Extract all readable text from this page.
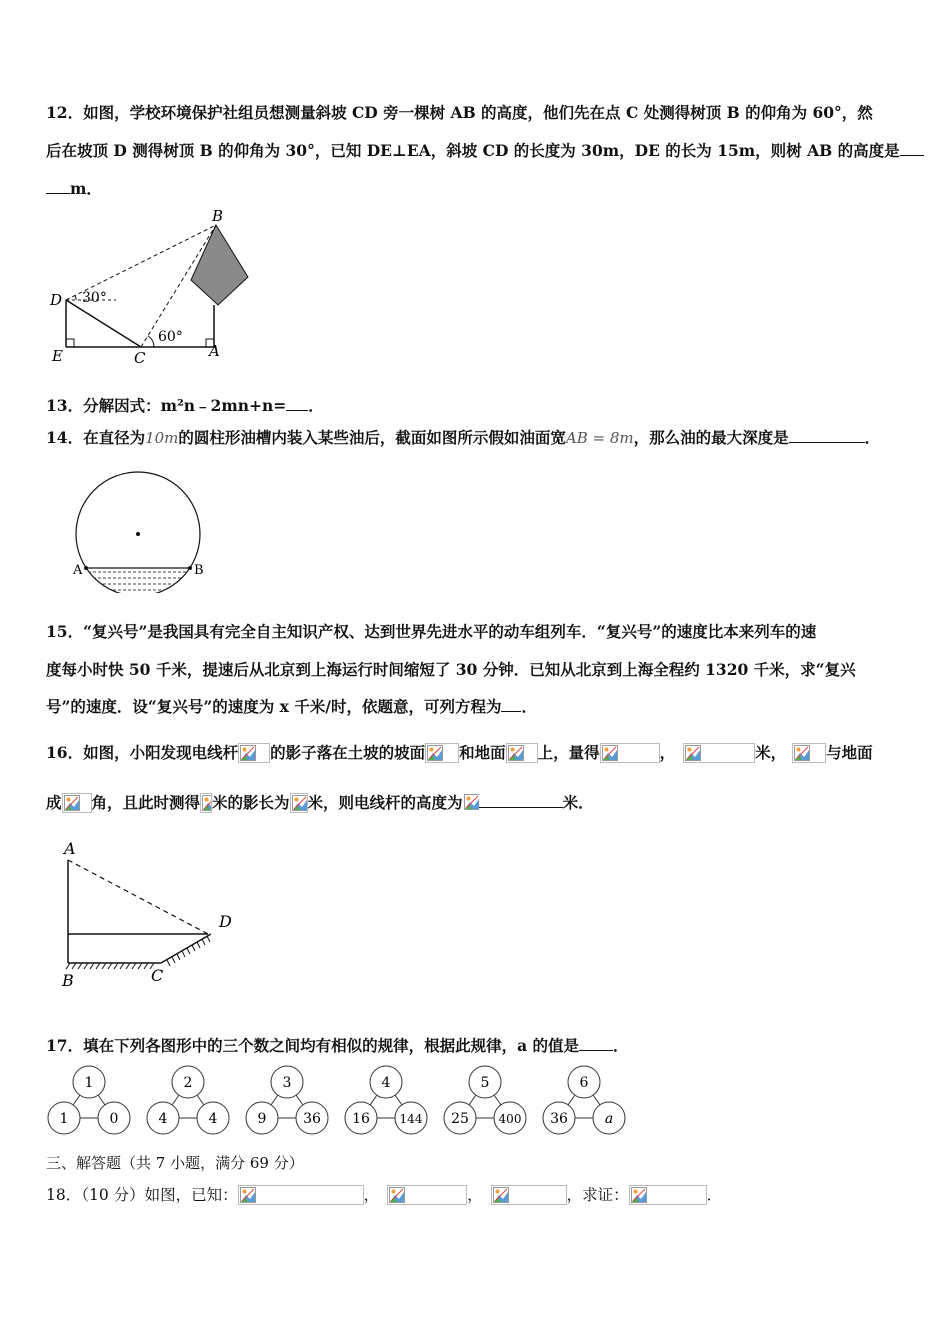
12．如图，学校环境保护社组员想测量斜坡 CD 旁一棵树 AB 的高度，他们先在点 C 处测得树顶 B 的仰角为 60°，然
后在坡顶 D 测得树顶 B 的仰角为 30°，已知 DE⊥EA，斜坡 CD 的长度为 30m，DE 的长为 15m，则树 AB 的高度是
m．
B
D
E	C	A
30°
60°
13．分解因式：m²n﹣2mn+n= ．
14．在直径为10m的圆柱形油槽内装入某些油后，截面如图所示假如油面宽AB = 8m，那么油的最大深度是	．
A	B
15．“复兴号”是我国具有完全自主知识产权、达到世界先进水平的动车组列车．“复兴号”的速度比本来列车的速
度每小时快 50 千米，提速后从北京到上海运行时间缩短了 30 分钟．已知从北京到上海全程约 1320 千米，求“复兴
号”的速度．设“复兴号”的速度为 x 千米/时，依题意，可列方程为 ．
16．如图，小阳发现电线杆 的影子落在土坡的坡面 和地面 上，量得	，	米，	与地面
成 角，且此时测得 米的影长为 米，则电线杆的高度为	米．
A
B	C
D
17．填在下列各图形中的三个数之间均有相似的规律，根据此规律，a 的值是 ．
1
1	0
2
4	4
3
9	36
4
16 144
5
25 400
6
36	a
三、解答题（共 7 小题，满分 69 分）
18．（10 分）如图，已知：	，	，	，求证：	．
